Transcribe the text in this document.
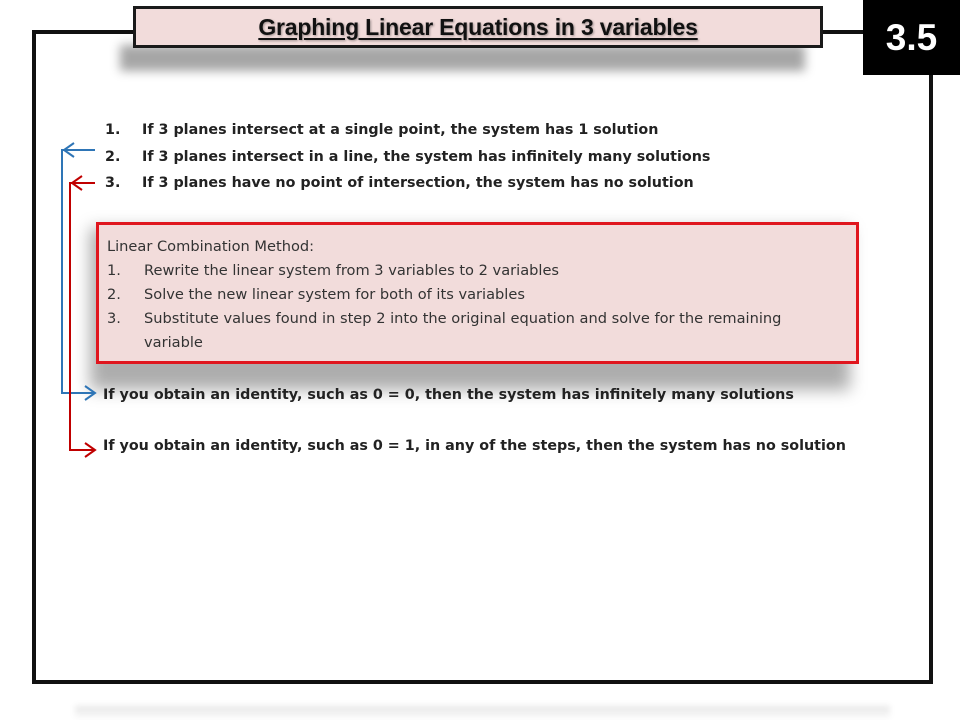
Graphing Linear Equations in 3 variables	3.5
1. If 3 planes intersect at a single point, the system has 1 solution
2. If 3 planes intersect in a line, the system has infinitely many solutions
3. If 3 planes have no point of intersection, the system has no solution
Linear Combination Method:
1.	Rewrite the linear system from 3 variables to 2 variables
2.	Solve the new linear system for both of its variables
3.	Substitute values found in step 2 into the original equation and solve for the remaining variable
If you obtain an identity, such as 0 = 0, then the system has infinitely many solutions
If you obtain an identity, such as 0 = 1, in any of the steps, then the system has no solution
